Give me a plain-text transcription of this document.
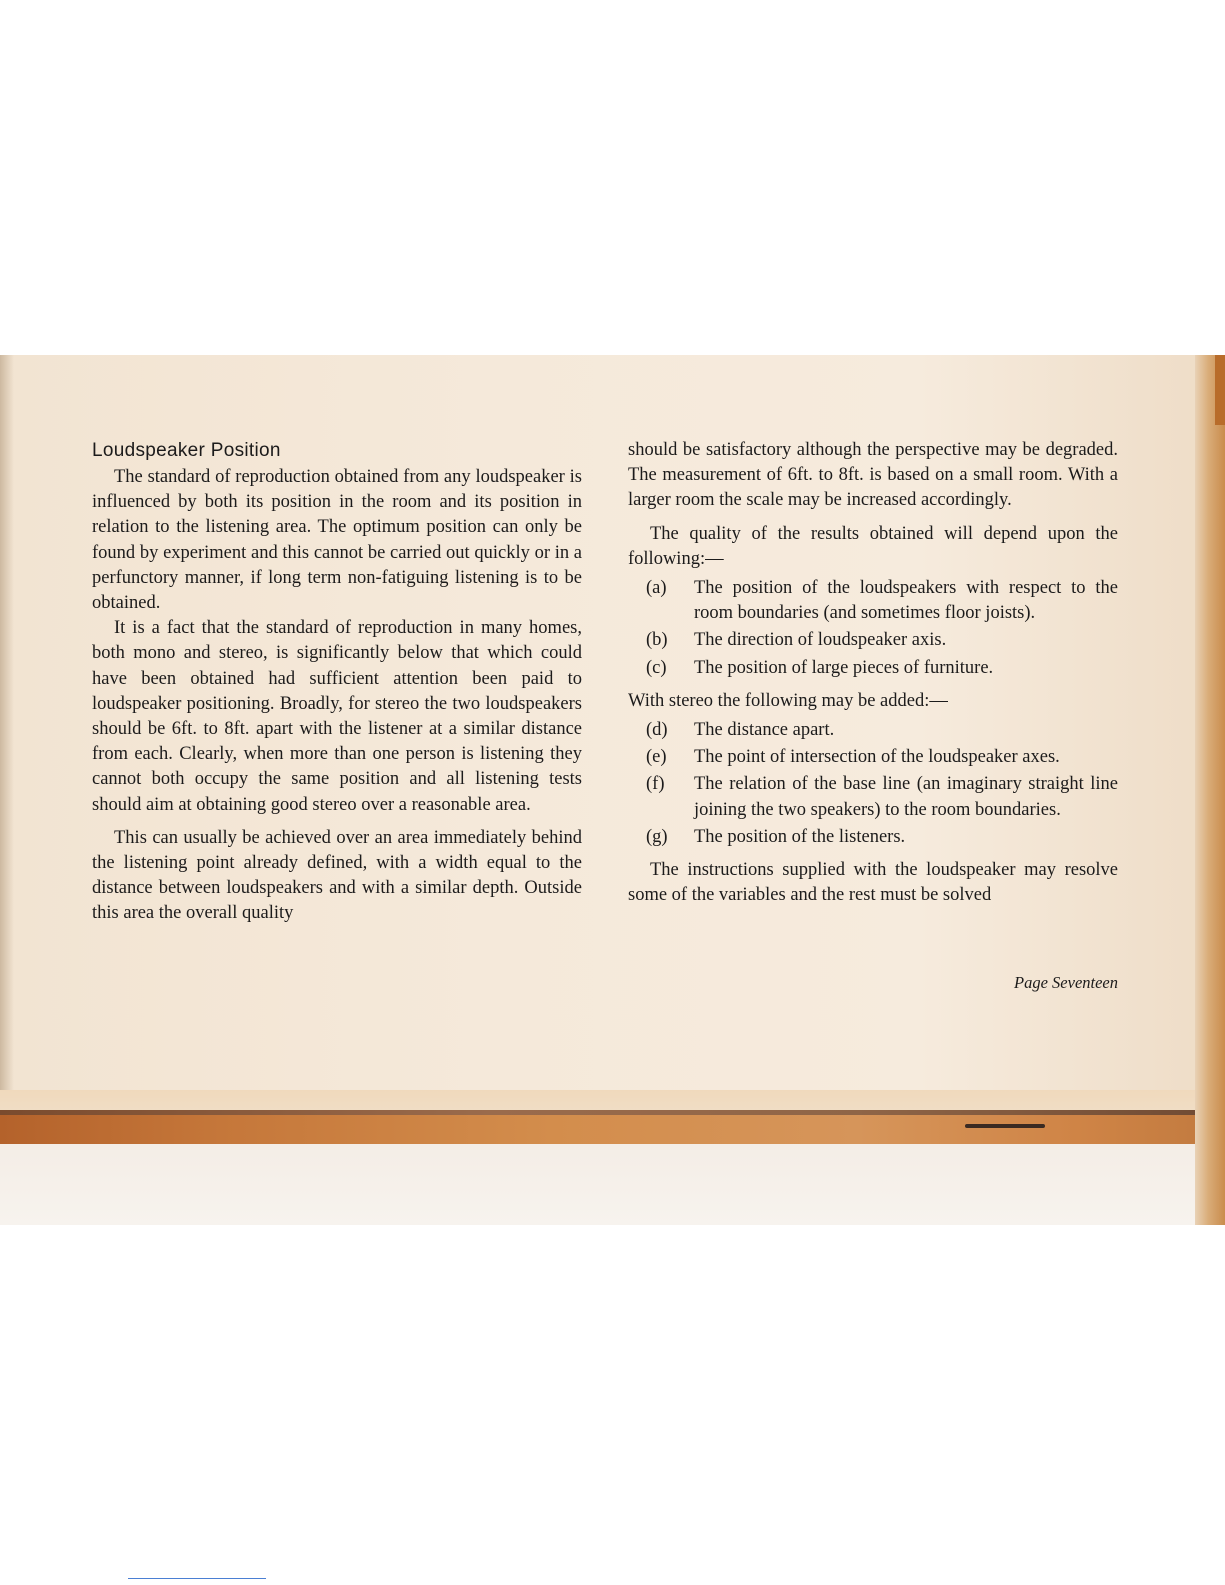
Loudspeaker Position

The standard of reproduction obtained from any loudspeaker is influenced by both its position in the room and its position in relation to the listening area. The optimum position can only be found by experiment and this cannot be carried out quickly or in a perfunctory manner, if long term non-fatiguing listening is to be obtained.

It is a fact that the standard of reproduction in many homes, both mono and stereo, is significantly below that which could have been obtained had sufficient attention been paid to loudspeaker positioning. Broadly, for stereo the two loudspeakers should be 6ft. to 8ft. apart with the listener at a similar distance from each. Clearly, when more than one person is listening they cannot both occupy the same position and all listening tests should aim at obtaining good stereo over a reasonable area.

This can usually be achieved over an area immediately behind the listening point already defined, with a width equal to the distance between loudspeakers and with a similar depth. Outside this area the overall quality

should be satisfactory although the perspective may be degraded. The measurement of 6ft. to 8ft. is based on a small room. With a larger room the scale may be increased accordingly.

The quality of the results obtained will depend upon the following:—

(a)	The position of the loudspeakers with respect to the room boundaries (and sometimes floor joists).
(b)	The direction of loudspeaker axis.
(c)	The position of large pieces of furniture.

With stereo the following may be added:—

(d)	The distance apart.
(e)	The point of intersection of the loudspeaker axes.
(f)	The relation of the base line (an imaginary straight line joining the two speakers) to the room boundaries.
(g)	The position of the listeners.

The instructions supplied with the loudspeaker may resolve some of the variables and the rest must be solved

Page Seventeen
